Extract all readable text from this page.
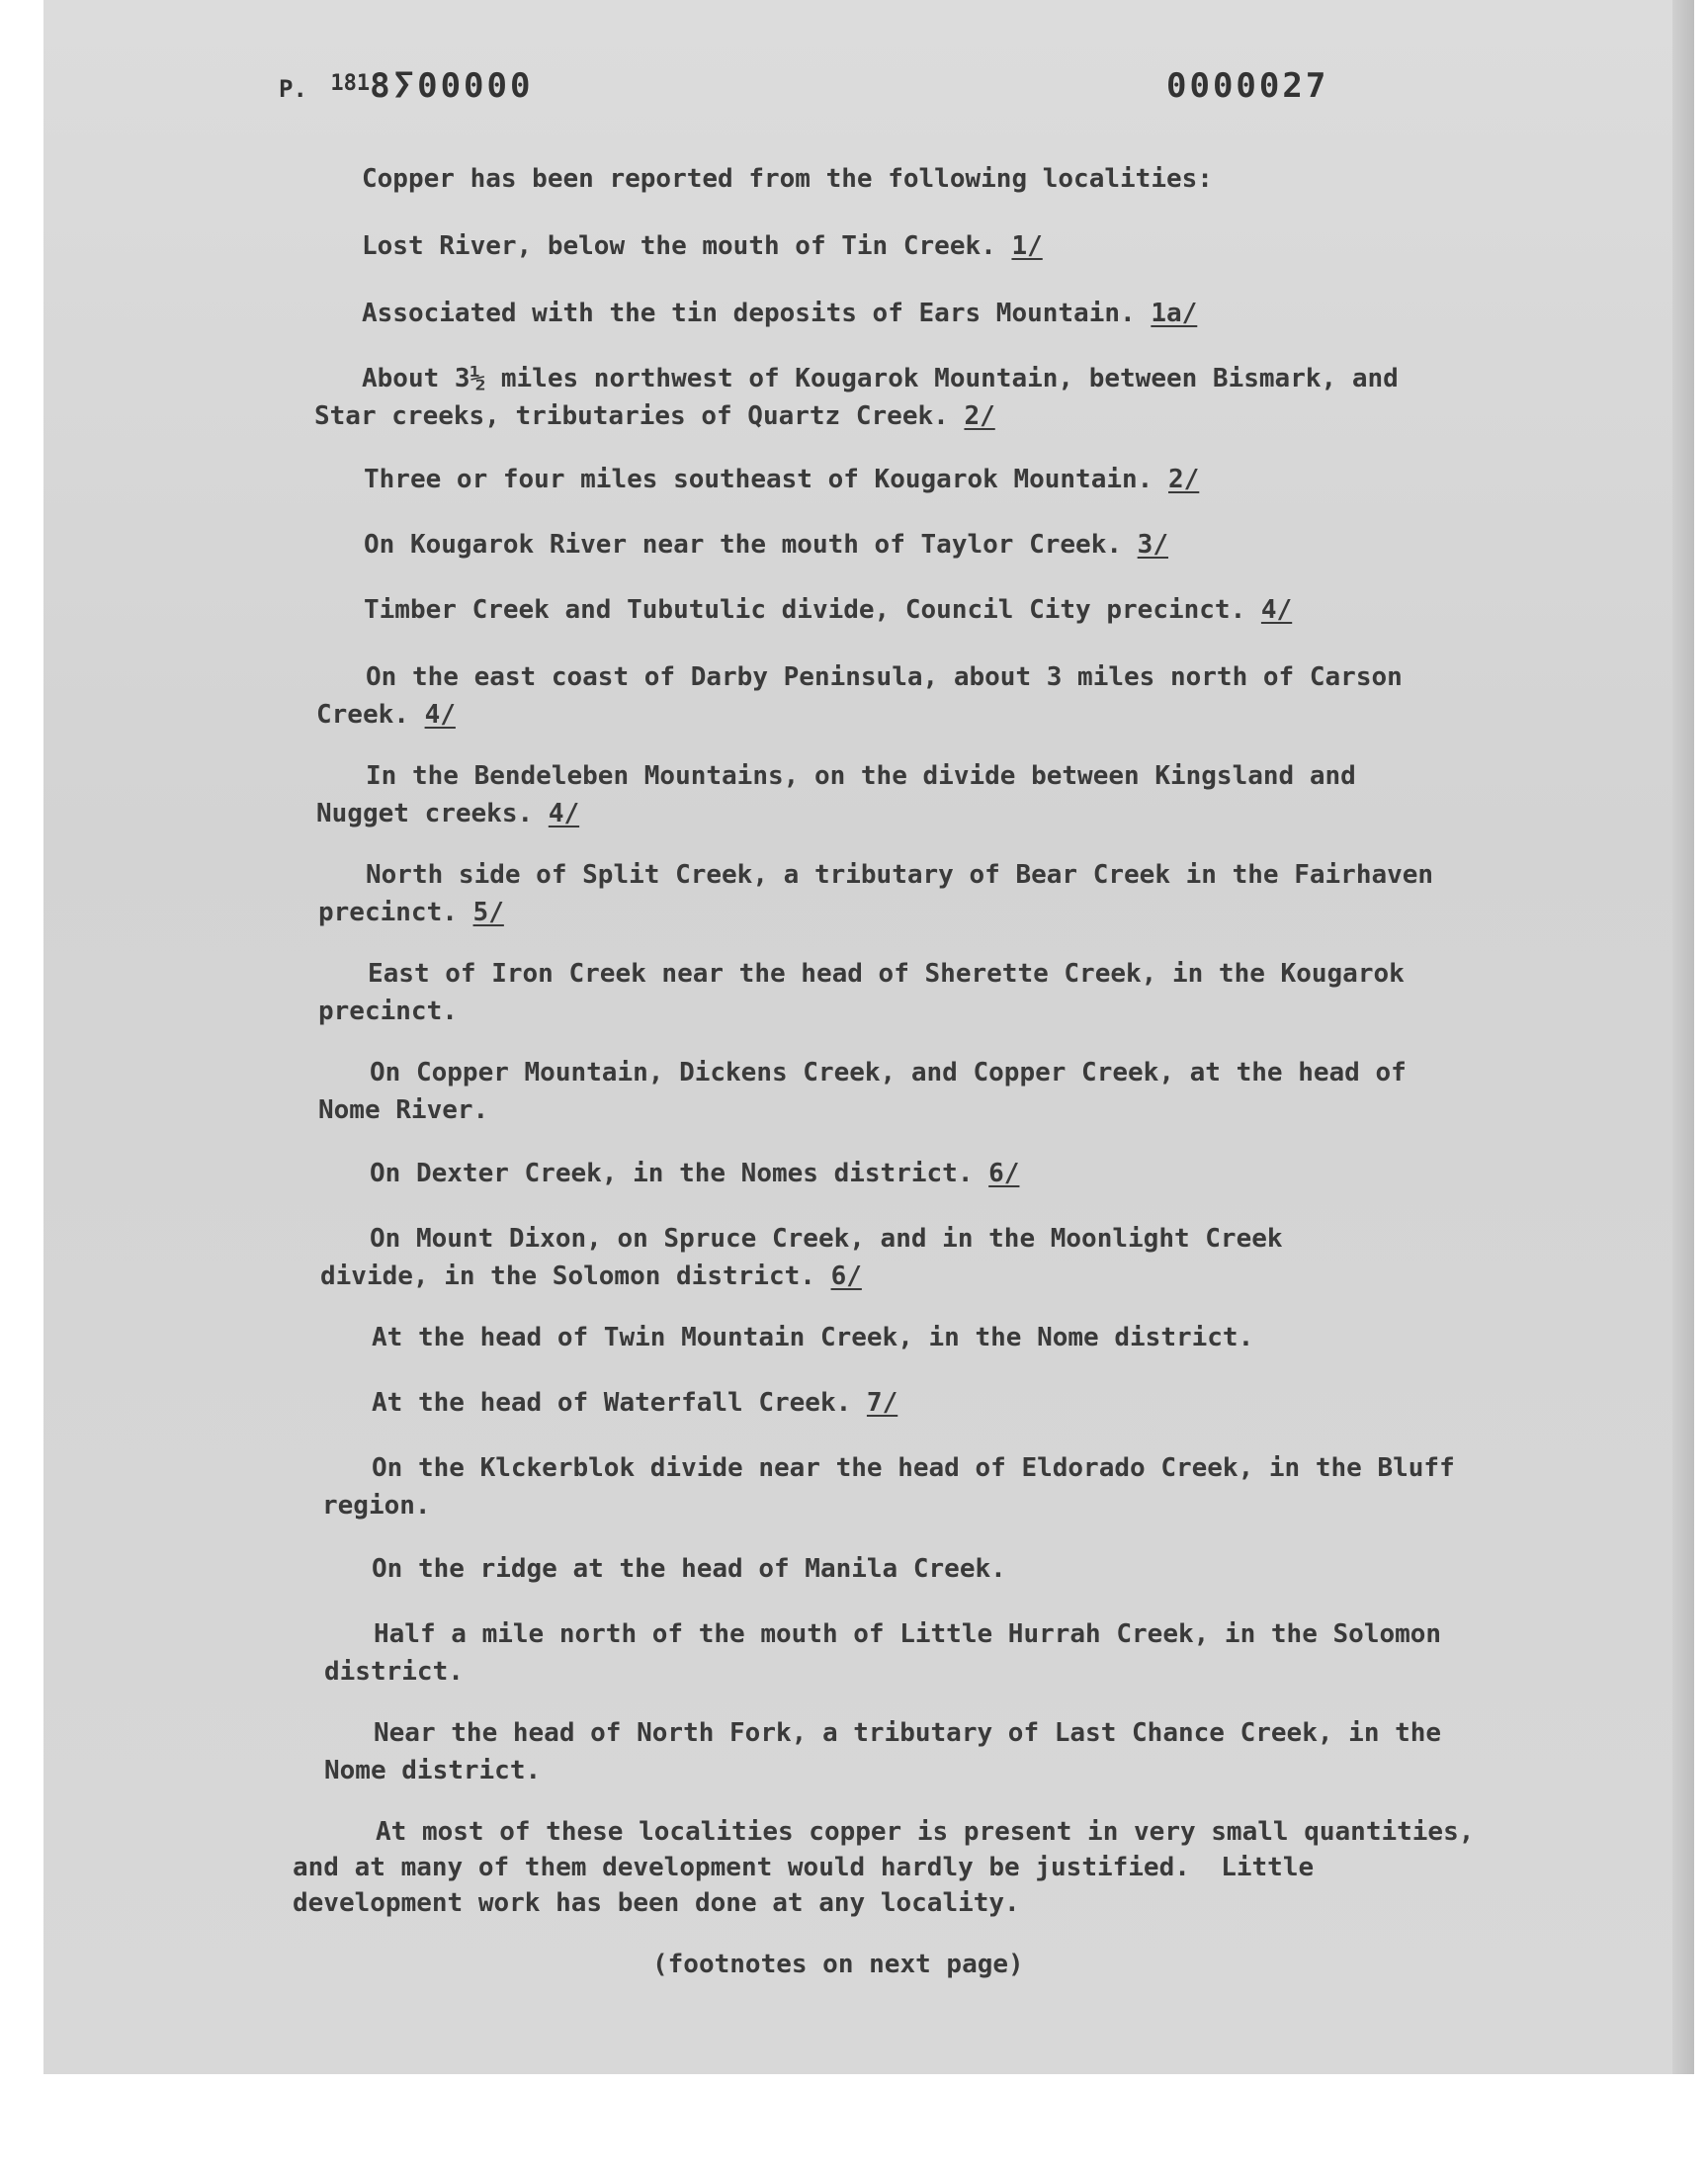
P. $^{181}$8ⵢ00000	0000027

Copper has been reported from the following localities:

Lost River, below the mouth of Tin Creek. 1/

Associated with the tin deposits of Ears Mountain. 1a/

About 3½ miles northwest of Kougarok Mountain, between Bismark, and

Star creeks, tributaries of Quartz Creek. 2/

Three or four miles southeast of Kougarok Mountain. 2/

On Kougarok River near the mouth of Taylor Creek. 3/

Timber Creek and Tubutulic divide, Council City precinct. 4/

On the east coast of Darby Peninsula, about 3 miles north of Carson

Creek. 4/

In the Bendeleben Mountains, on the divide between Kingsland and

Nugget creeks. 4/

North side of Split Creek, a tributary of Bear Creek in the Fairhaven

precinct. 5/

East of Iron Creek near the head of Sherette Creek, in the Kougarok

precinct.

On Copper Mountain, Dickens Creek, and Copper Creek, at the head of

Nome River.

On Dexter Creek, in the Nomes district. 6/

On Mount Dixon, on Spruce Creek, and in the Moonlight Creek

divide, in the Solomon district. 6/

At the head of Twin Mountain Creek, in the Nome district.

At the head of Waterfall Creek. 7/

On the Klckerblok divide near the head of Eldorado Creek, in the Bluff

region.

On the ridge at the head of Manila Creek.

Half a mile north of the mouth of Little Hurrah Creek, in the Solomon

district.

Near the head of North Fork, a tributary of Last Chance Creek, in the

Nome district.

At most of these localities copper is present in very small quantities,

and at many of them development would hardly be justified.  Little

development work has been done at any locality.

(footnotes on next page)
